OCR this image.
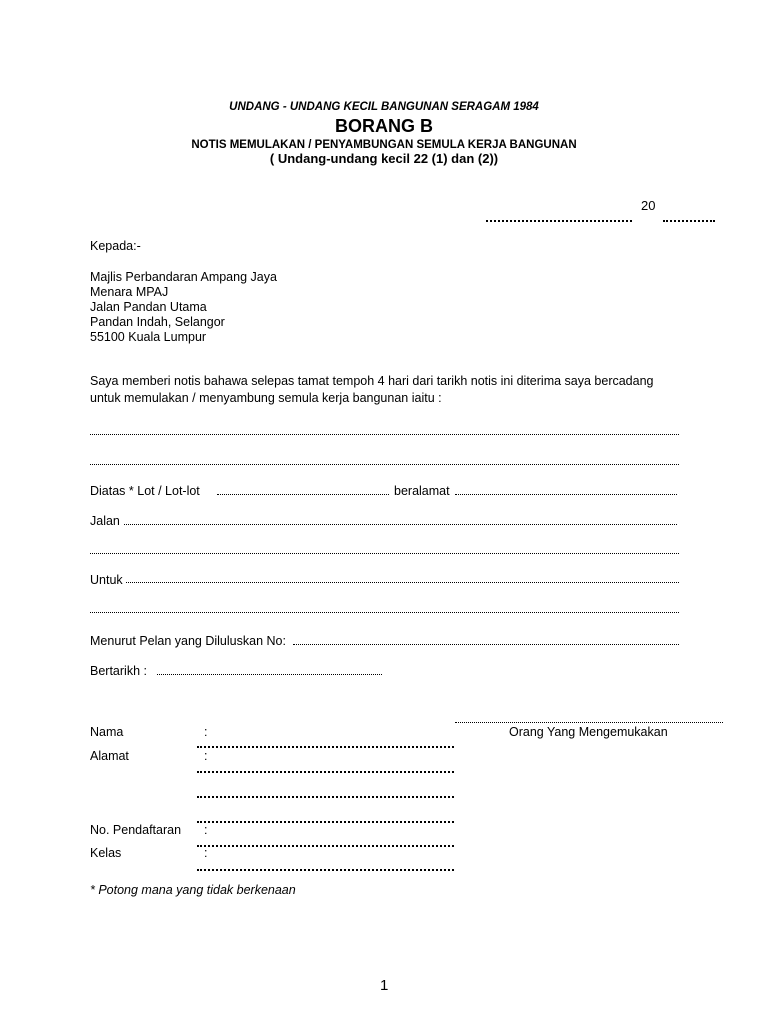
UNDANG - UNDANG KECIL BANGUNAN SERAGAM 1984
BORANG B
NOTIS MEMULAKAN / PENYAMBUNGAN SEMULA KERJA BANGUNAN
( Undang-undang kecil 22 (1) dan (2))
20
Kepada:-
Majlis Perbandaran Ampang Jaya
Menara MPAJ
Jalan Pandan Utama
Pandan Indah, Selangor
55100 Kuala Lumpur
Saya memberi notis bahawa selepas tamat tempoh 4 hari dari tarikh notis ini diterima saya bercadang
untuk memulakan / menyambung semula kerja bangunan iaitu :
Diatas * Lot / Lot-lot	beralamat
Jalan
Untuk
Menurut Pelan yang Diluluskan No:
Bertarikh :
Orang Yang Mengemukakan
Nama	:
Alamat	:
No. Pendaftaran :
Kelas	:
* Potong mana yang tidak berkenaan
1
